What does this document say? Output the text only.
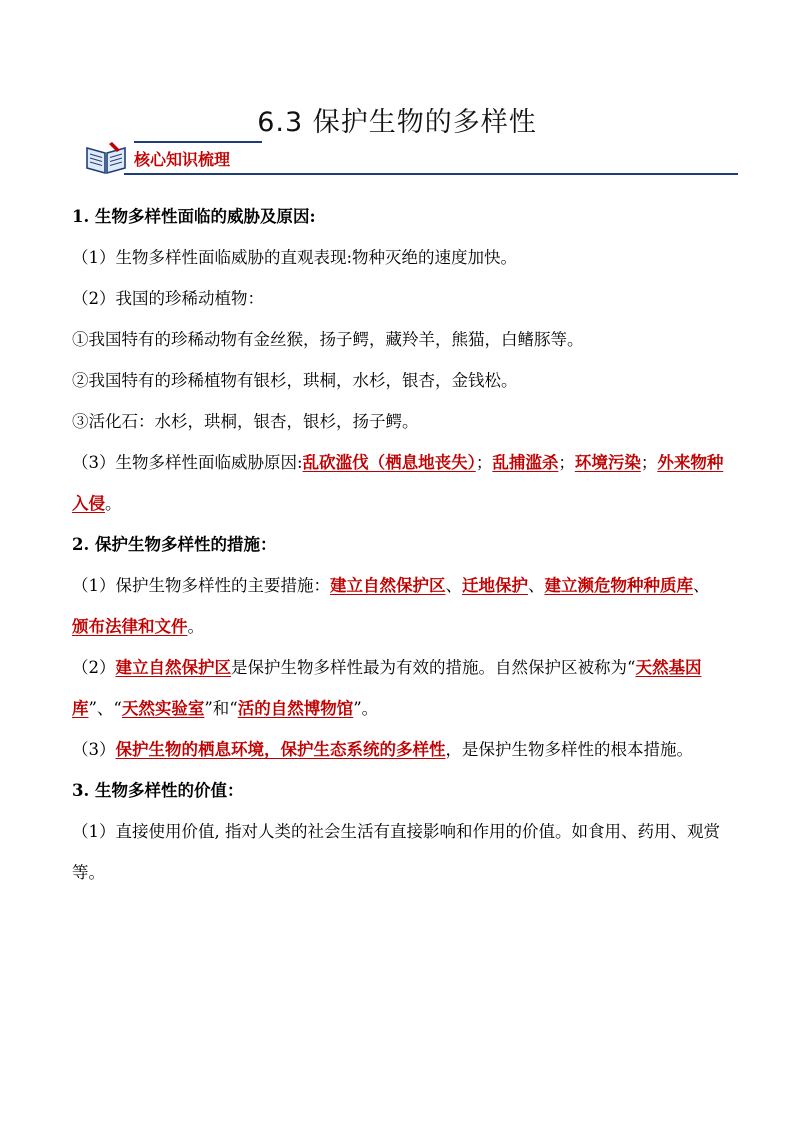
6.3 保护生物的多样性
核心知识梳理

1. 生物多样性面临的威胁及原因:

（1）生物多样性面临威胁的直观表现:物种灭绝的速度加快。

（2）我国的珍稀动植物：

①我国特有的珍稀动物有金丝猴，扬子鳄，藏羚羊，熊猫，白鳍豚等。

②我国特有的珍稀植物有银杉，珙桐，水杉，银杏，金钱松。

③活化石：水杉，珙桐，银杏，银杉，扬子鳄。

（3）生物多样性面临威胁原因:乱砍滥伐（栖息地丧失）；乱捕滥杀；环境污染；外来物种入侵。

2. 保护生物多样性的措施：

（1）保护生物多样性的主要措施：建立自然保护区、迁地保护、建立濒危物种种质库、颁布法律和文件。

（2）建立自然保护区是保护生物多样性最为有效的措施。自然保护区被称为“天然基因库”、“天然实验室”和“活的自然博物馆”。

（3）保护生物的栖息环境，保护生态系统的多样性，是保护生物多样性的根本措施。

3. 生物多样性的价值：

（1）直接使用价值, 指对人类的社会生活有直接影响和作用的价值。如食用、药用、观赏等。
